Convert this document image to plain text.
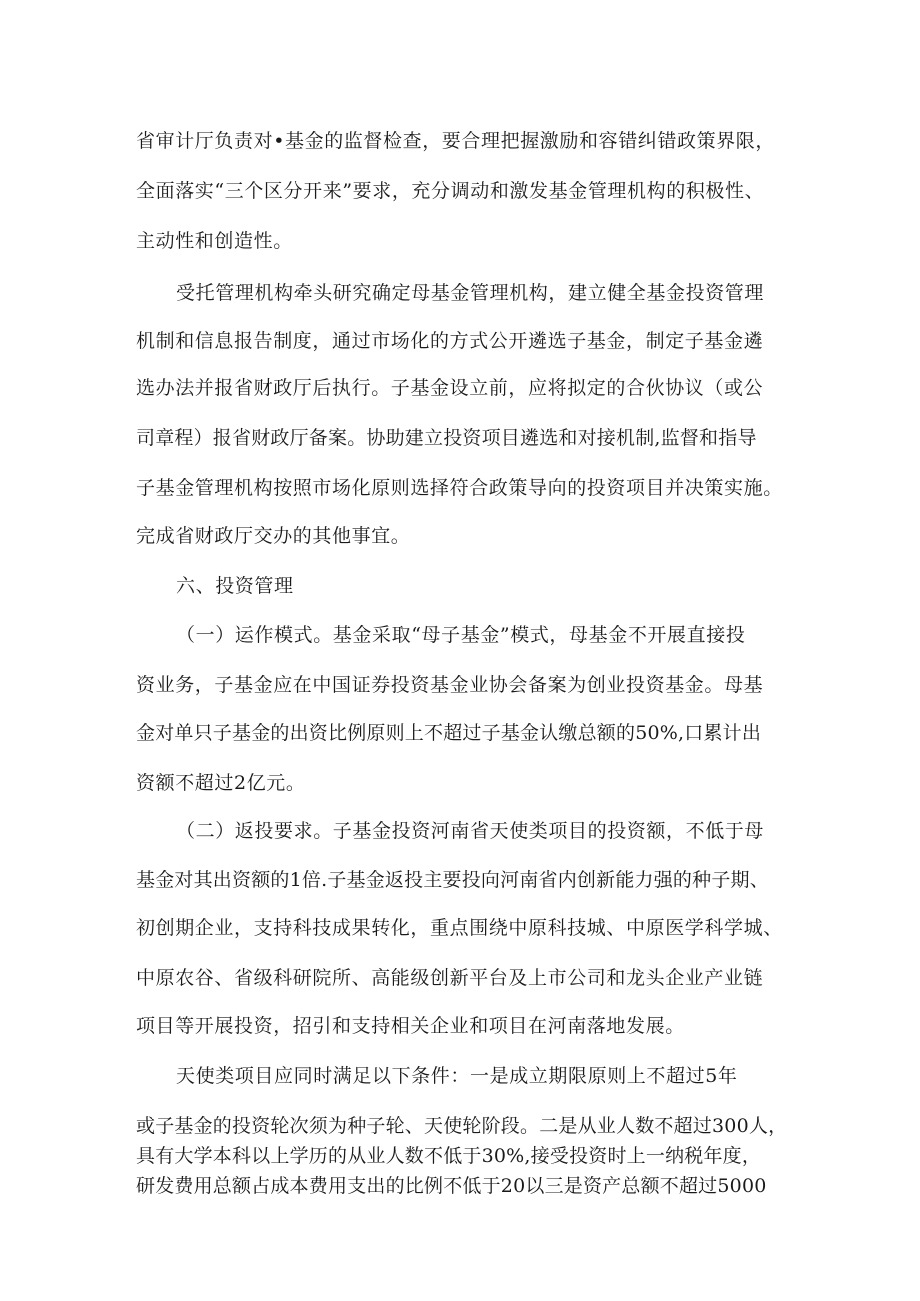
省审计厅负责对•基金的监督检查，要合理把握激励和容错纠错政策界限，

全面落实“三个区分开来”要求，充分调动和激发基金管理机构的积极性、

主动性和创造性。

受托管理机构牵头研究确定母基金管理机构，建立健全基金投资管理

机制和信息报告制度，通过市场化的方式公开遴选子基金，制定子基金遴

选办法并报省财政厅后执行。子基金设立前，应将拟定的合伙协议（或公

司章程）报省财政厅备案。协助建立投资项目遴选和对接机制,监督和指导

子基金管理机构按照市场化原则选择符合政策导向的投资项目并决策实施。

完成省财政厅交办的其他事宜。

六、投资管理

（一）运作模式。基金采取“母子基金”模式，母基金不开展直接投

资业务，子基金应在中国证券投资基金业协会备案为创业投资基金。母基

金对单只子基金的出资比例原则上不超过子基金认缴总额的50%,口累计出

资额不超过2亿元。

（二）返投要求。子基金投资河南省天使类项目的投资额，不低于母

基金对其出资额的1倍.子基金返投主要投向河南省内创新能力强的种子期、

初创期企业，支持科技成果转化，重点围绕中原科技城、中原医学科学城、

中原农谷、省级科研院所、高能级创新平台及上市公司和龙头企业产业链

项目等开展投资，招引和支持相关企业和项目在河南落地发展。

天使类项目应同时满足以下条件：一是成立期限原则上不超过5年

或子基金的投资轮次须为种子轮、天使轮阶段。二是从业人数不超过300人，

具有大学本科以上学历的从业人数不低于30%,接受投资时上一纳税年度，

研发费用总额占成本费用支出的比例不低于20以三是资产总额不超过5000
